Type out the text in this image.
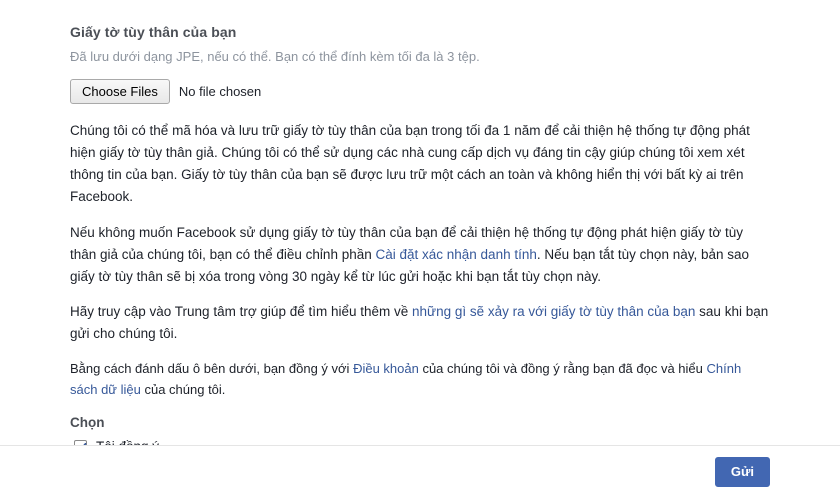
Giấy tờ tùy thân của bạn
Đã lưu dưới dạng JPE, nếu có thể. Bạn có thể đính kèm tối đa là 3 tệp.
Choose Files	No file chosen

Chúng tôi có thể mã hóa và lưu trữ giấy tờ tùy thân của bạn trong tối đa 1 năm để cải thiện hệ thống tự động phát hiện giấy tờ tùy thân giả. Chúng tôi có thể sử dụng các nhà cung cấp dịch vụ đáng tin cậy giúp chúng tôi xem xét thông tin của bạn. Giấy tờ tùy thân của bạn sẽ được lưu trữ một cách an toàn và không hiển thị với bất kỳ ai trên Facebook.

Nếu không muốn Facebook sử dụng giấy tờ tùy thân của bạn để cải thiện hệ thống tự động phát hiện giấy tờ tùy thân giả của chúng tôi, bạn có thể điều chỉnh phần Cài đặt xác nhận danh tính. Nếu bạn tắt tùy chọn này, bản sao giấy tờ tùy thân sẽ bị xóa trong vòng 30 ngày kể từ lúc gửi hoặc khi bạn tắt tùy chọn này.

Hãy truy cập vào Trung tâm trợ giúp để tìm hiểu thêm về những gì sẽ xảy ra với giấy tờ tùy thân của bạn sau khi bạn gửi cho chúng tôi.

Bằng cách đánh dấu ô bên dưới, bạn đồng ý với Điều khoản của chúng tôi và đồng ý rằng bạn đã đọc và hiểu Chính sách dữ liệu của chúng tôi.

Chọn
Gửi
